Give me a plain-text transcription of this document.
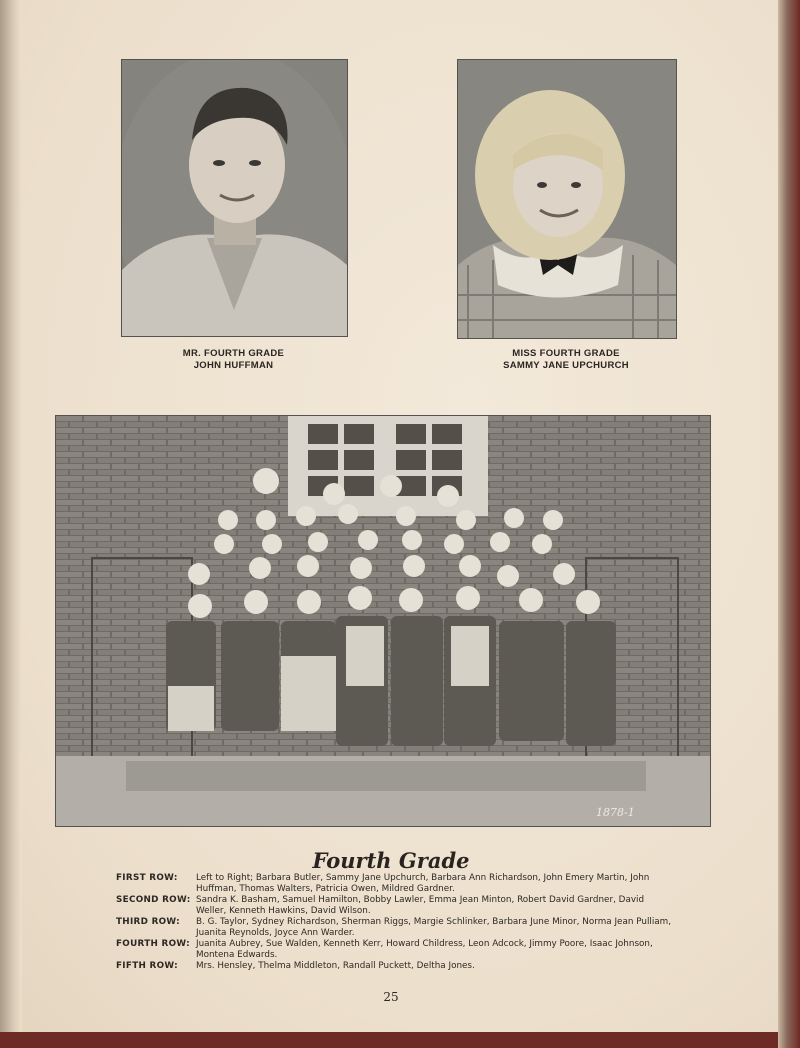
MR. FOURTH GRADE
JOHN HUFFMAN
MISS FOURTH GRADE
SAMMY JANE UPCHURCH
1878-1
Fourth Grade
FIRST ROW:	Left to Right; Barbara Butler, Sammy Jane Upchurch, Barbara Ann Richardson, John Emery Martin, John Huffman, Thomas Walters, Patricia Owen, Mildred Gardner.
SECOND ROW: Sandra K. Basham, Samuel Hamilton, Bobby Lawler, Emma Jean Minton, Robert David Gardner, David Weller, Kenneth Hawkins, David Wilson.
THIRD ROW:	B. G. Taylor, Sydney Richardson, Sherman Riggs, Margie Schlinker, Barbara June Minor, Norma Jean Pulliam, Juanita Reynolds, Joyce Ann Warder.
FOURTH ROW: Juanita Aubrey, Sue Walden, Kenneth Kerr, Howard Childress, Leon Adcock, Jimmy Poore, Isaac Johnson, Montena Edwards.
FIFTH ROW:	Mrs. Hensley, Thelma Middleton, Randall Puckett, Deltha Jones.
25
